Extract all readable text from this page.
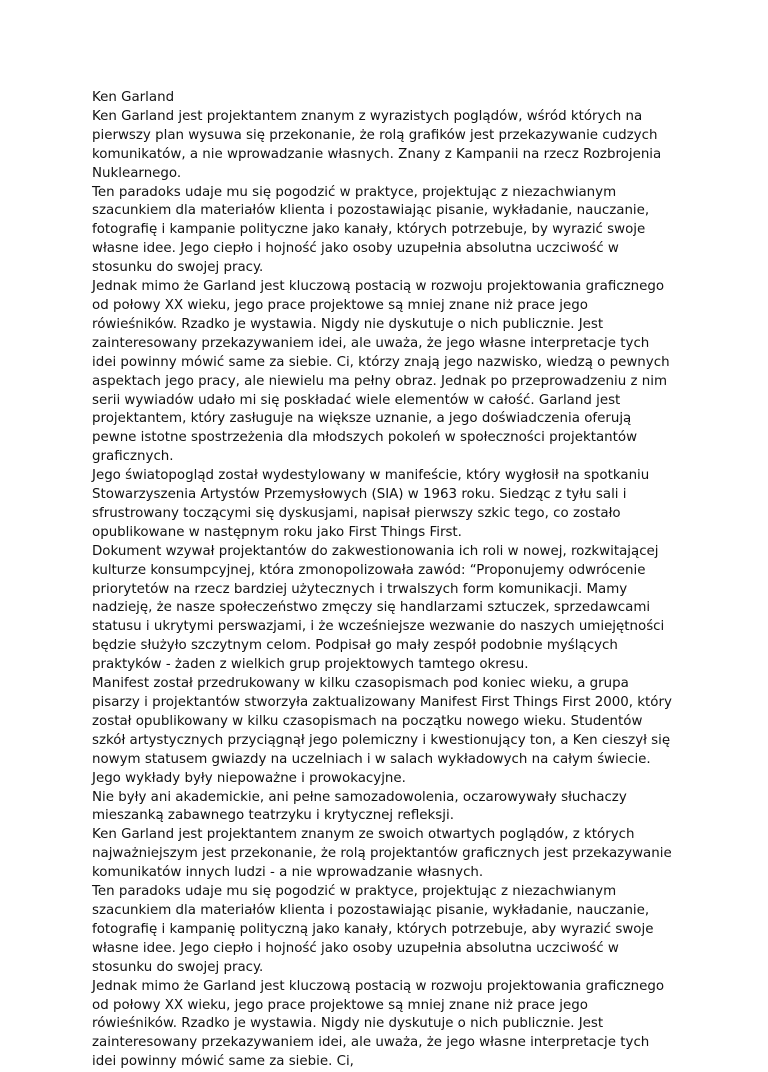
Ken Garland

Ken Garland jest projektantem znanym z wyrazistych poglądów, wśród których na pierwszy plan wysuwa się przekonanie, że rolą grafików jest przekazywanie cudzych komunikatów, a nie wprowadzanie własnych. Znany z Kampanii na rzecz Rozbrojenia Nuklearnego.

Ten paradoks udaje mu się pogodzić w praktyce, projektując z niezachwianym szacunkiem dla materiałów klienta i pozostawiając pisanie, wykładanie, nauczanie, fotografię i kampanie polityczne jako kanały, których potrzebuje, by wyrazić swoje własne idee. Jego ciepło i hojność jako osoby uzupełnia absolutna uczciwość w stosunku do swojej pracy.

Jednak mimo że Garland jest kluczową postacią w rozwoju projektowania graficznego od połowy XX wieku, jego prace projektowe są mniej znane niż prace jego rówieśników. Rzadko je wystawia. Nigdy nie dyskutuje o nich publicznie. Jest zainteresowany przekazywaniem idei, ale uważa, że jego własne interpretacje tych idei powinny mówić same za siebie. Ci, którzy znają jego nazwisko, wiedzą o pewnych aspektach jego pracy, ale niewielu ma pełny obraz. Jednak po przeprowadzeniu z nim serii wywiadów udało mi się poskładać wiele elementów w całość. Garland jest projektantem, który zasługuje na większe uznanie, a jego doświadczenia oferują pewne istotne spostrzeżenia dla młodszych pokoleń w społeczności projektantów graficznych.

Jego światopogląd został wydestylowany w manifeście, który wygłosił na spotkaniu Stowarzyszenia Artystów Przemysłowych (SIA) w 1963 roku. Siedząc z tyłu sali i sfrustrowany toczącymi się dyskusjami, napisał pierwszy szkic tego, co zostało opublikowane w następnym roku jako First Things First.

Dokument wzywał projektantów do zakwestionowania ich roli w nowej, rozkwitającej kulturze konsumpcyjnej, która zmonopolizowała zawód: “Proponujemy odwrócenie priorytetów na rzecz bardziej użytecznych i trwalszych form komunikacji. Mamy nadzieję, że nasze społeczeństwo zmęczy się handlarzami sztuczek, sprzedawcami statusu i ukrytymi perswazjami, i że wcześniejsze wezwanie do naszych umiejętności będzie służyło szczytnym celom. Podpisał go mały zespół podobnie myślących praktyków - żaden z wielkich grup projektowych tamtego okresu.

Manifest został przedrukowany w kilku czasopismach pod koniec wieku, a grupa pisarzy i projektantów stworzyła zaktualizowany Manifest First Things First 2000, który został opublikowany w kilku czasopismach na początku nowego wieku. Studentów szkół artystycznych przyciągnął jego polemiczny i kwestionujący ton, a Ken cieszył się nowym statusem gwiazdy na uczelniach i w salach wykładowych na całym świecie. Jego wykłady były niepoważne i prowokacyjne.

Nie były ani akademickie, ani pełne samozadowolenia, oczarowywały słuchaczy mieszanką zabawnego teatrzyku i krytycznej refleksji.

Ken Garland jest projektantem znanym ze swoich otwartych poglądów, z których najważniejszym jest przekonanie, że rolą projektantów graficznych jest przekazywanie komunikatów innych ludzi - a nie wprowadzanie własnych.

Ten paradoks udaje mu się pogodzić w praktyce, projektując z niezachwianym szacunkiem dla materiałów klienta i pozostawiając pisanie, wykładanie, nauczanie, fotografię i kampanię polityczną jako kanały, których potrzebuje, aby wyrazić swoje własne idee. Jego ciepło i hojność jako osoby uzupełnia absolutna uczciwość w stosunku do swojej pracy.

Jednak mimo że Garland jest kluczową postacią w rozwoju projektowania graficznego od połowy XX wieku, jego prace projektowe są mniej znane niż prace jego rówieśników. Rzadko je wystawia. Nigdy nie dyskutuje o nich publicznie. Jest zainteresowany przekazywaniem idei, ale uważa, że jego własne interpretacje tych idei powinny mówić same za siebie. Ci,
